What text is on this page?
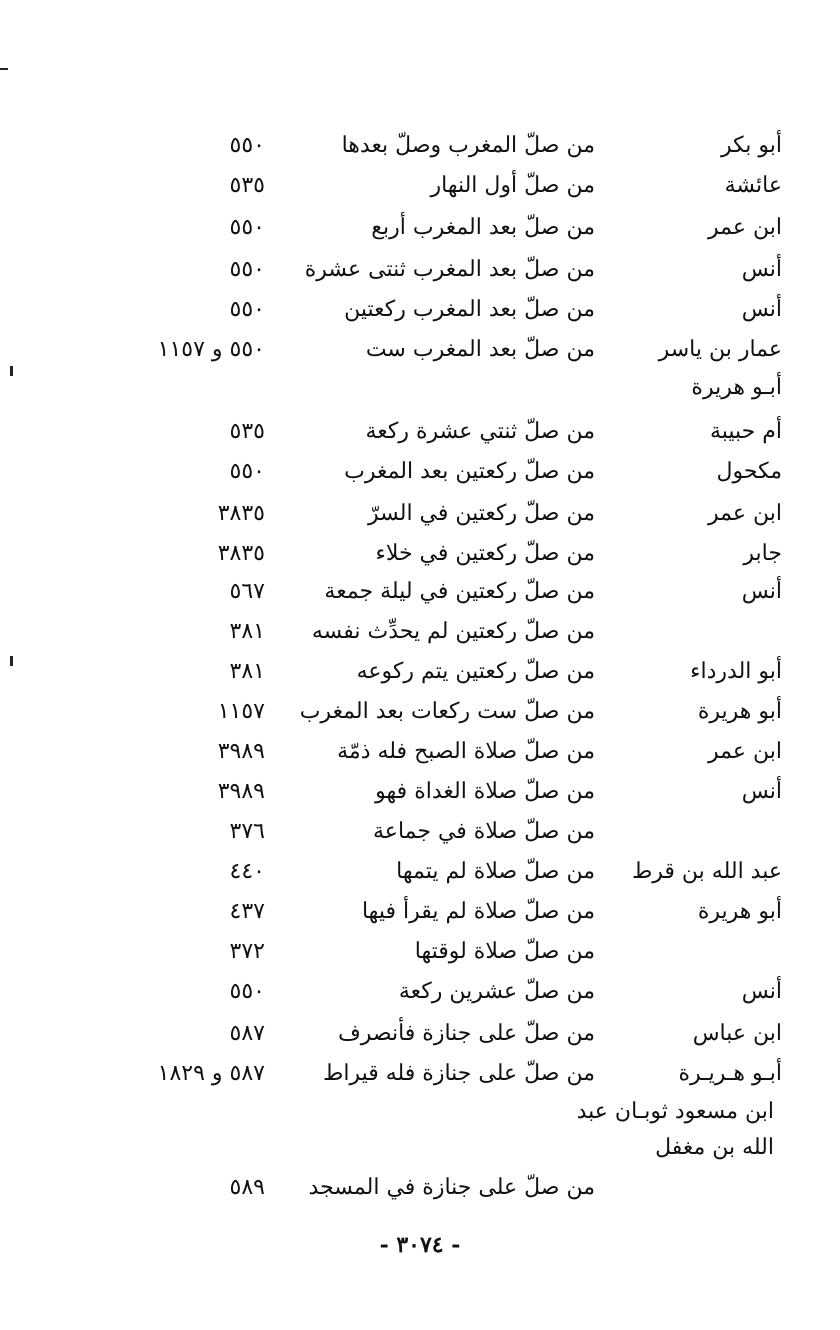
أبو بكر
من صلّ المغرب وصلّ بعدها
٥٥٠
عائشة
من صلّ أول النهار
٥٣٥
ابن عمر
من صلّ بعد المغرب أربع
٥٥٠
أنس
من صلّ بعد المغرب ثنتى عشرة
٥٥٠
أنس
من صلّ بعد المغرب ركعتين
٥٥٠
عمار بن ياسر
من صلّ بعد المغرب ست
٥٥٠ و ١١٥٧
أبـو هريرة
أم حبيبة
من صلّ ثنتي عشرة ركعة
٥٣٥
مكحول
من صلّ ركعتين بعد المغرب
٥٥٠
ابن عمر
من صلّ ركعتين في السرّ
٣٨٣٥
جابر
من صلّ ركعتين في خلاء
٣٨٣٥
أنس
من صلّ ركعتين في ليلة جمعة
٥٦٧
من صلّ ركعتين لم يحدِّث نفسه
٣٨١
أبو الدرداء
من صلّ ركعتين يتم ركوعه
٣٨١
أبو هريرة
من صلّ ست ركعات بعد المغرب
١١٥٧
ابن عمر
من صلّ صلاة الصبح فله ذمّة
٣٩٨٩
أنس
من صلّ صلاة الغداة فهو
٣٩٨٩
من صلّ صلاة في جماعة
٣٧٦
عبد الله بن قرط
من صلّ صلاة لم يتمها
٤٤٠
أبو هريرة
من صلّ صلاة لم يقرأ فيها
٤٣٧
من صلّ صلاة لوقتها
٣٧٢
أنس
من صلّ عشرين ركعة
٥٥٠
ابن عباس
من صلّ على جنازة فأنصرف
٥٨٧
أبـو هـريـرة
من صلّ على جنازة فله قيراط
٥٨٧ و ١٨٢٩
ابن مسعود ثوبـان عبد
الله بن مغفل
من صلّ على جنازة في المسجد
٥٨٩
- ٣٠٧٤ -
